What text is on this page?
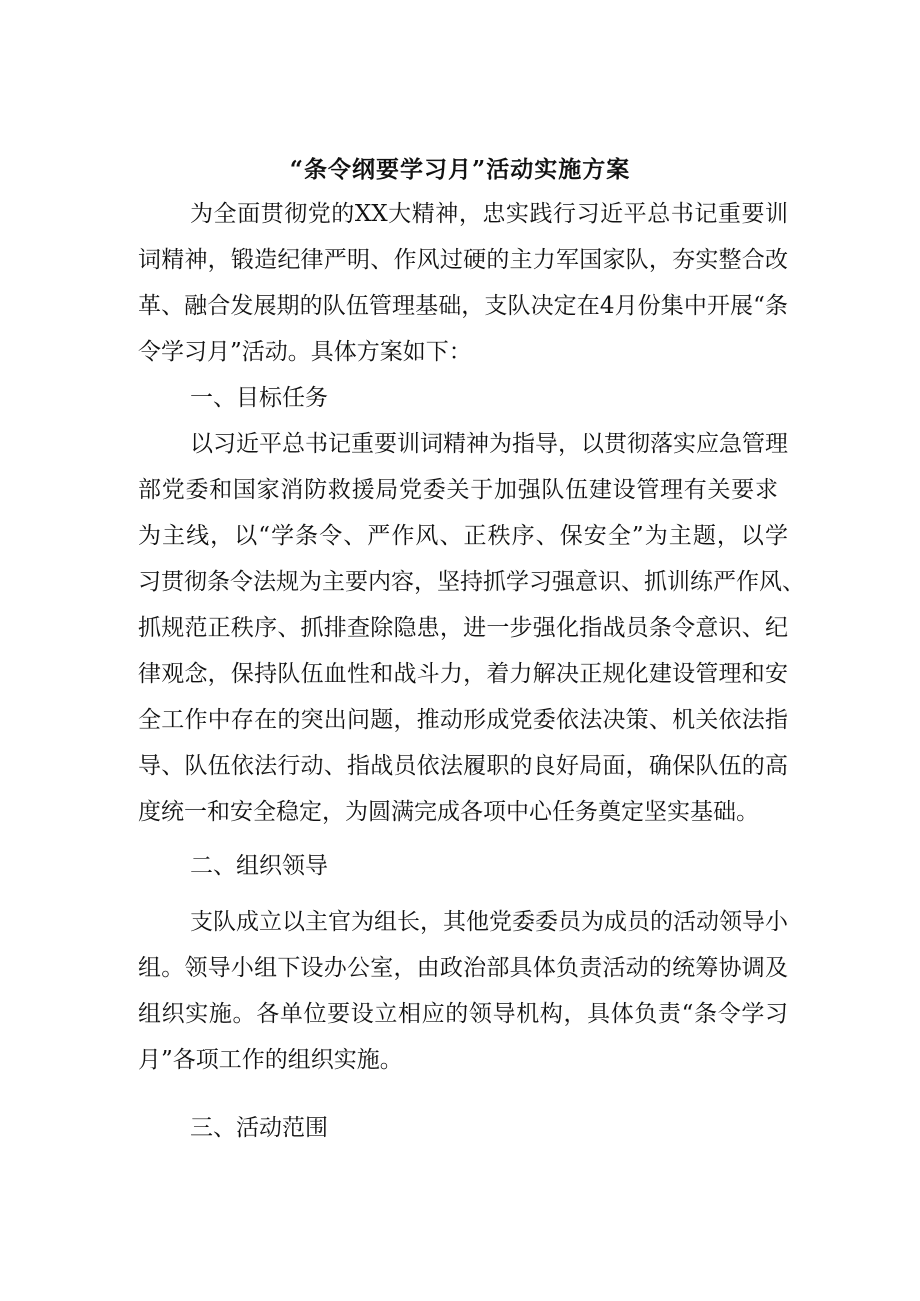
“条令纲要学习月”活动实施方案

为全面贯彻党的XX大精神，忠实践行习近平总书记重要训

词精神，锻造纪律严明、作风过硬的主力军国家队，夯实整合改

革、融合发展期的队伍管理基础，支队决定在4月份集中开展“条

令学习月”活动。具体方案如下：

一、目标任务

以习近平总书记重要训词精神为指导，以贯彻落实应急管理

部党委和国家消防救援局党委关于加强队伍建设管理有关要求

为主线，以“学条令、严作风、正秩序、保安全”为主题，以学

习贯彻条令法规为主要内容，坚持抓学习强意识、抓训练严作风、

抓规范正秩序、抓排查除隐患，进一步强化指战员条令意识、纪

律观念，保持队伍血性和战斗力，着力解决正规化建设管理和安

全工作中存在的突出问题，推动形成党委依法决策、机关依法指

导、队伍依法行动、指战员依法履职的良好局面，确保队伍的高

度统一和安全稳定，为圆满完成各项中心任务奠定坚实基础。

二、组织领导

支队成立以主官为组长，其他党委委员为成员的活动领导小

组。领导小组下设办公室，由政治部具体负责活动的统筹协调及

组织实施。各单位要设立相应的领导机构，具体负责“条令学习

月”各项工作的组织实施。

三、活动范围
